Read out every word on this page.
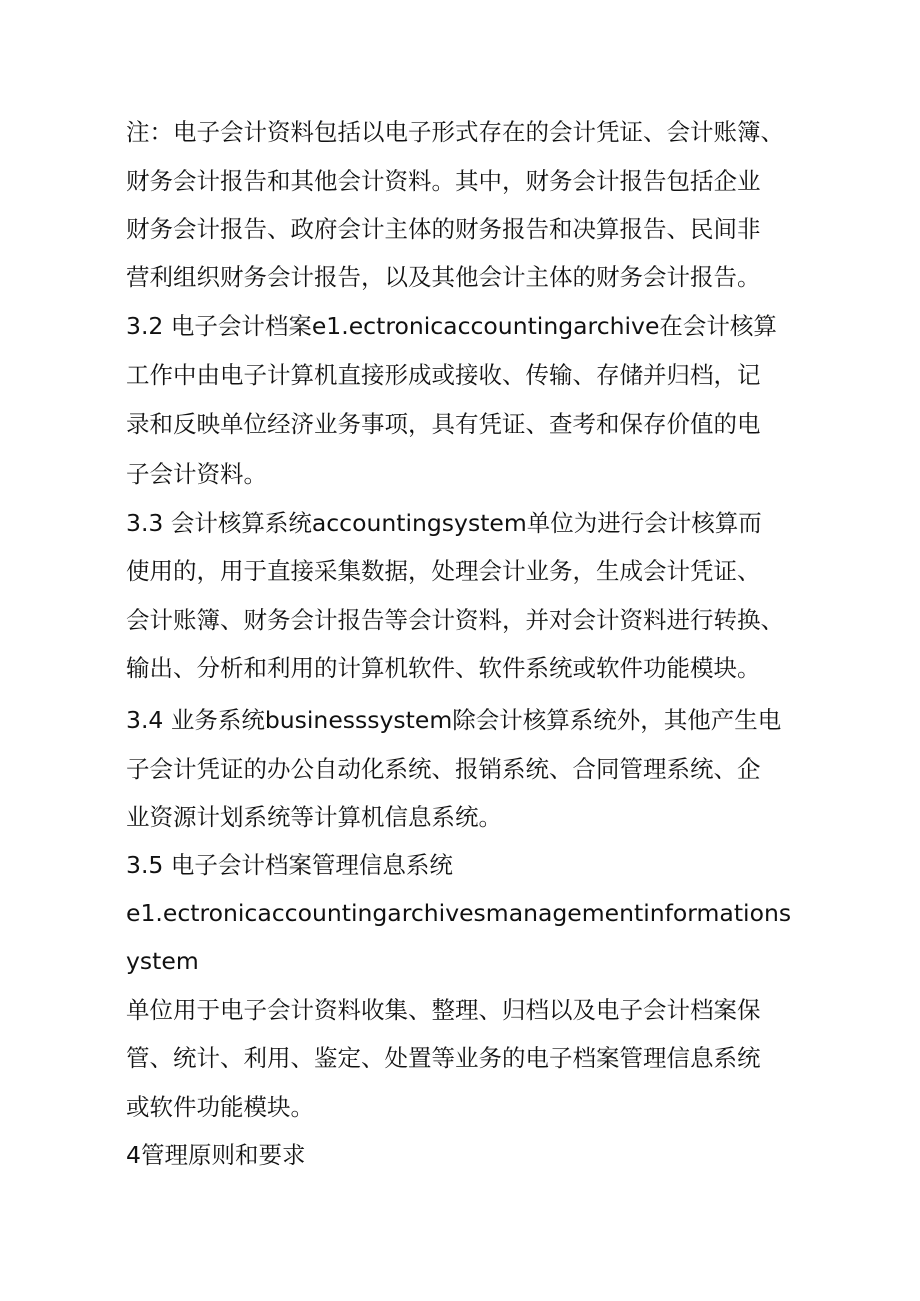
注：电子会计资料包括以电子形式存在的会计凭证、会计账簿、
财务会计报告和其他会计资料。其中，财务会计报告包括企业
财务会计报告、政府会计主体的财务报告和决算报告、民间非
营利组织财务会计报告，以及其他会计主体的财务会计报告。
3.2 电子会计档案e1.ectronicaccountingarchive在会计核算
工作中由电子计算机直接形成或接收、传输、存储并归档，记
录和反映单位经济业务事项，具有凭证、查考和保存价值的电
子会计资料。
3.3 会计核算系统accountingsystem单位为进行会计核算而
使用的，用于直接采集数据，处理会计业务，生成会计凭证、
会计账簿、财务会计报告等会计资料，并对会计资料进行转换、
输出、分析和利用的计算机软件、软件系统或软件功能模块。
3.4 业务系统businesssystem除会计核算系统外，其他产生电
子会计凭证的办公自动化系统、报销系统、合同管理系统、企
业资源计划系统等计算机信息系统。
3.5 电子会计档案管理信息系统
e1.ectronicaccountingarchivesmanagementinformations
ystem
单位用于电子会计资料收集、整理、归档以及电子会计档案保
管、统计、利用、鉴定、处置等业务的电子档案管理信息系统
或软件功能模块。
4管理原则和要求
